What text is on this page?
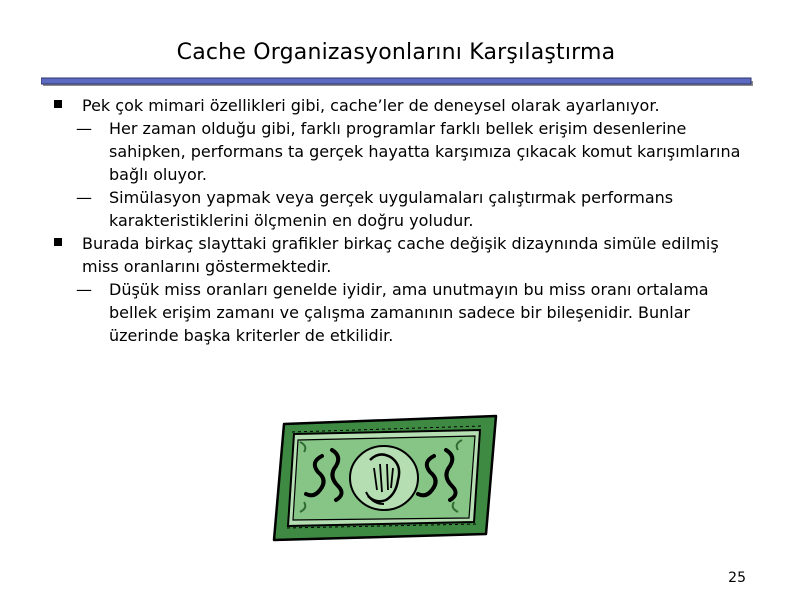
Cache Organizasyonlarını Karşılaştırma

Pek çok mimari özellikleri gibi, cache’ler de deneysel olarak ayarlanıyor.

— Her zaman olduğu gibi, farklı programlar farklı bellek erişim desenlerine sahipken, performans ta gerçek hayatta karşımıza çıkacak komut karışımlarına bağlı oluyor.

— Simülasyon yapmak veya gerçek uygulamaları çalıştırmak performans karakteristiklerini ölçmenin en doğru yoludur.

Burada birkaç slayttaki grafikler birkaç cache değişik dizaynında simüle edilmiş miss oranlarını göstermektedir.

— Düşük miss oranları genelde iyidir, ama unutmayın bu miss oranı ortalama bellek erişim zamanı ve çalışma zamanının sadece bir bileşenidir. Bunlar üzerinde başka kriterler de etkilidir.

25
